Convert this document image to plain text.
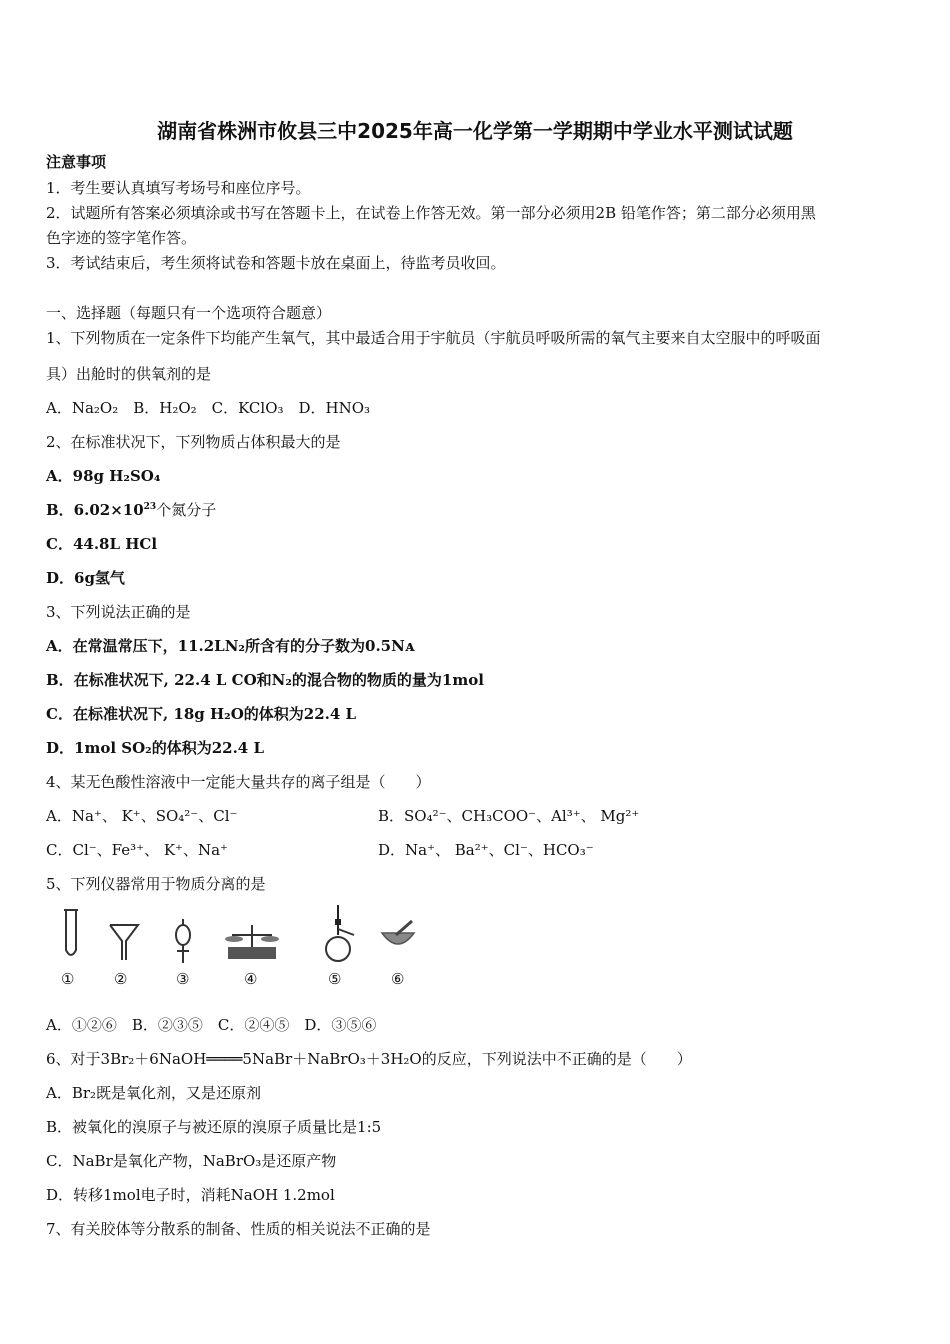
湖南省株洲市攸县三中2025年高一化学第一学期期中学业水平测试试题
注意事项
1．考生要认真填写考场号和座位序号。
2．试题所有答案必须填涂或书写在答题卡上，在试卷上作答无效。第一部分必须用2B 铅笔作答；第二部分必须用黑
色字迹的签字笔作答。
3．考试结束后，考生须将试卷和答题卡放在桌面上，待监考员收回。
一、选择题（每题只有一个选项符合题意）
1、下列物质在一定条件下均能产生氧气，其中最适合用于宇航员（宇航员呼吸所需的氧气主要来自太空服中的呼吸面
具）出舱时的供氧剂的是
A．Na₂O₂　B．H₂O₂　C．KClO₃　D．HNO₃
2、在标准状况下，下列物质占体积最大的是
A．98g H₂SO₄
B．$6.02\times 10^{23}$个氮分子
C．44.8L HCl
D．6g氢气
3、下列说法正确的是
A．在常温常压下，11.2LN₂所含有的分子数为0.5Nᴀ
B．在标准状况下, 22.4 L CO和N₂的混合物的物质的量为1mol
C．在标准状况下, 18g H₂O的体积为22.4 L
D．1mol SO₂的体积为22.4 L
4、某无色酸性溶液中一定能大量共存的离子组是（　　）
A．Na⁺、 K⁺、SO₄²⁻、Cl⁻	B．SO₄²⁻、CH₃COO⁻、Al³⁺、 Mg²⁺
C．Cl⁻、Fe³⁺、 K⁺、Na⁺	D．Na⁺、 Ba²⁺、Cl⁻、HCO₃⁻
5、下列仪器常用于物质分离的是
①	②	③	④	⑤	⑥
A．①②⑥　B．②③⑤　C．②④⑤　D．③⑤⑥
6、对于3Br₂＋6NaOH════5NaBr＋NaBrO₃＋3H₂O的反应，下列说法中不正确的是（　　）
A．Br₂既是氧化剂，又是还原剂
B．被氧化的溴原子与被还原的溴原子质量比是1:5
C．NaBr是氧化产物，NaBrO₃是还原产物
D．转移1mol电子时，消耗NaOH 1.2mol
7、有关胶体等分散系的制备、性质的相关说法不正确的是
